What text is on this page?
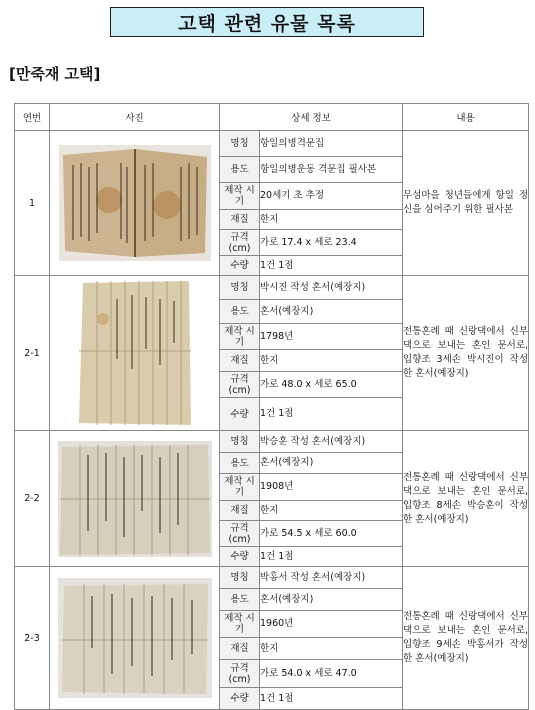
고택 관련 유물 목록
[만죽재 고택]
연번	사진	상세 정보		내용
1		명칭	항일의병격문집	무섬마을 청년들에게 항일 정신을 심어주기 위한 필사본
		용도	항일의병운동 격문집 필사본	
		제작 시기	20세기 초 추정	
		재질	한지	
		규격 (cm)	가로 17.4 x 세로 23.4	
		수량	1건 1점	
2-1		명칭	박시진 작성 혼서(예장지)	전통혼례 때 신랑댁에서 신부댁으로 보내는 혼인 문서로, 입향조 3세손 박시진이 작성한 혼서(예장지)
		용도	혼서(예장지)	
		제작 시기	1798년	
		재질	한지	
		규격 (cm)	가로 48.0 x 세로 65.0	
		수량	1건 1점	
2-2		명칭	박승훈 작성 혼서(예장지)	전통혼례 때 신랑댁에서 신부댁으로 보내는 혼인 문서로, 입향조 8세손 박승훈이 작성한 혼서(예장지)
		용도	혼서(예장지)	
		제작 시기	1908년	
		재질	한지	
		규격 (cm)	가로 54.5 x 세로 60.0	
		수량	1건 1점	
2-3		명칭	박홍서 작성 혼서(예장지)	전통혼례 때 신랑댁에서 신부댁으로 보내는 혼인 문서로, 입향조 9세손 박홍서가 작성한 혼서(예장지)
		용도	혼서(예장지)	
		제작 시기	1960년	
		재질	한지	
		규격 (cm)	가로 54.0 x 세로 47.0	
		수량	1건 1점	
